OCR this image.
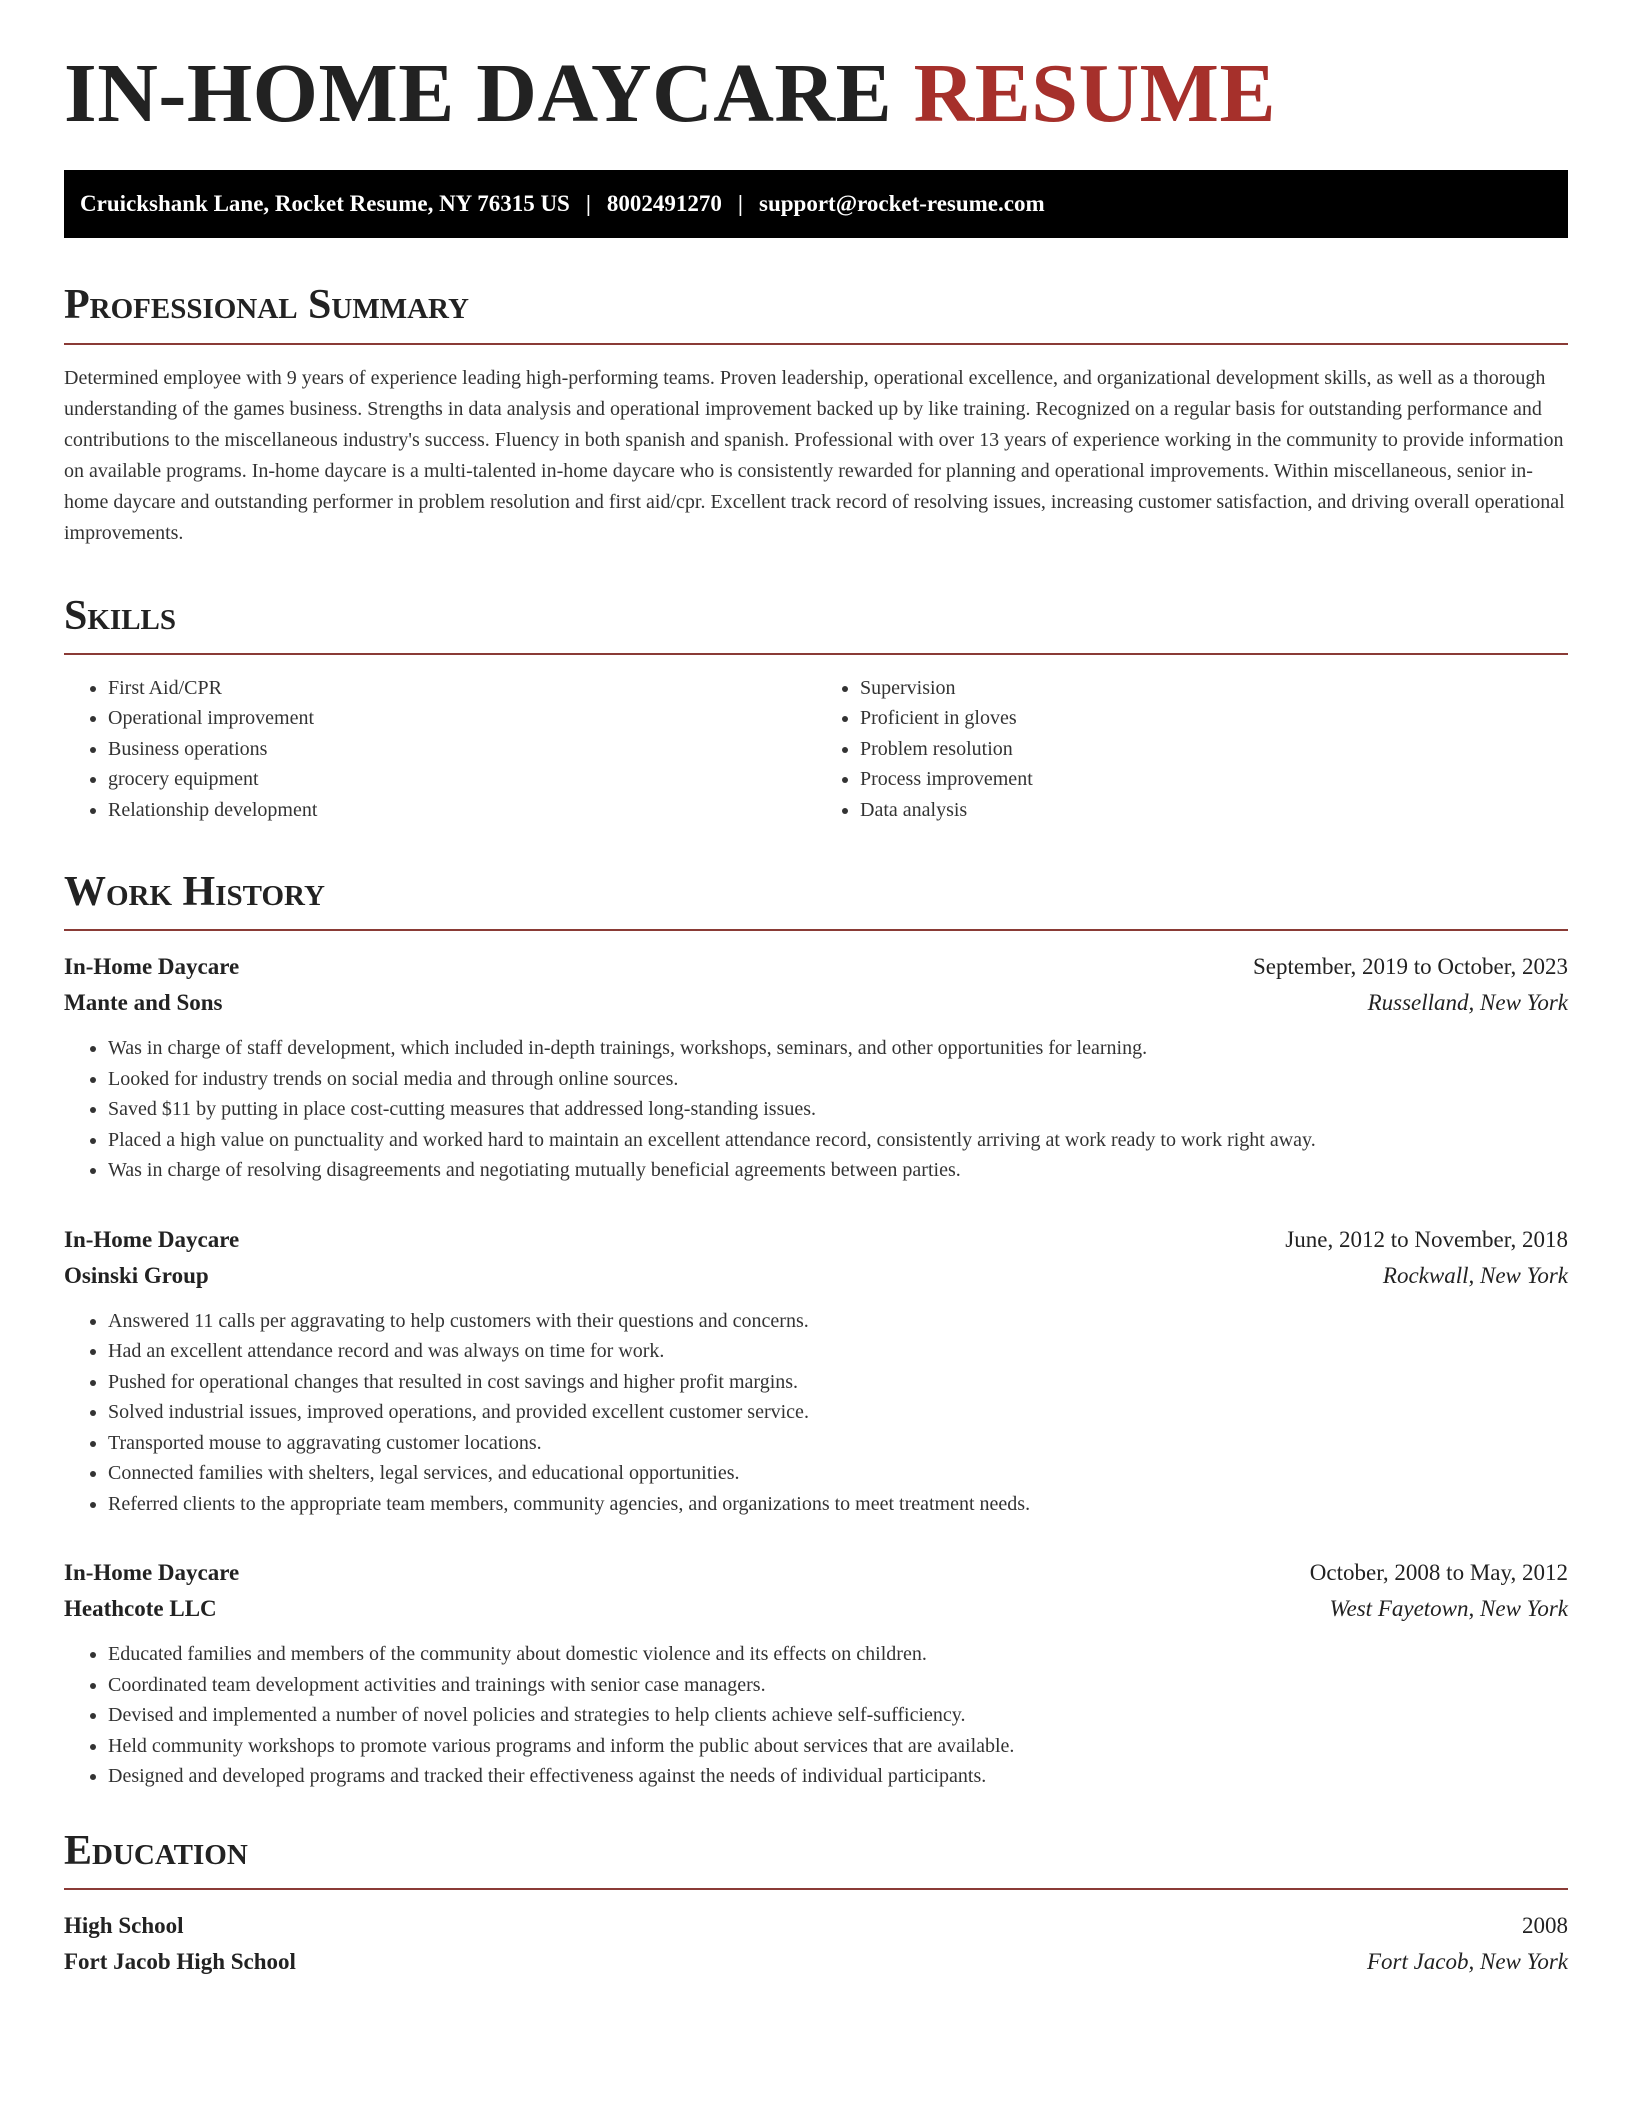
IN-HOME DAYCARE RESUME
Cruickshank Lane, Rocket Resume, NY 76315 US | 8002491270 | support@rocket-resume.com
Professional Summary

Determined employee with 9 years of experience leading high-performing teams. Proven leadership, operational excellence, and organizational development skills, as well as a thorough understanding of the games business. Strengths in data analysis and operational improvement backed up by like training. Recognized on a regular basis for outstanding performance and contributions to the miscellaneous industry's success. Fluency in both spanish and spanish. Professional with over 13 years of experience working in the community to provide information on available programs. In-home daycare is a multi-talented in-home daycare who is consistently rewarded for planning and operational improvements. Within miscellaneous, senior in-home daycare and outstanding performer in problem resolution and first aid/cpr. Excellent track record of resolving issues, increasing customer satisfaction, and driving overall operational improvements.

Skills
• First Aid/CPR
• Operational improvement
• Business operations
• grocery equipment
• Relationship development
• Supervision
• Proficient in gloves
• Problem resolution
• Process improvement
• Data analysis
Work History
In-Home Daycare	September, 2019 to October, 2023
Mante and Sons	Russelland, New York
• Was in charge of staff development, which included in-depth trainings, workshops, seminars, and other opportunities for learning.
• Looked for industry trends on social media and through online sources.
• Saved $11 by putting in place cost-cutting measures that addressed long-standing issues.
• Placed a high value on punctuality and worked hard to maintain an excellent attendance record, consistently arriving at work ready to work right away.
• Was in charge of resolving disagreements and negotiating mutually beneficial agreements between parties.
In-Home Daycare	June, 2012 to November, 2018
Osinski Group	Rockwall, New York
• Answered 11 calls per aggravating to help customers with their questions and concerns.
• Had an excellent attendance record and was always on time for work.
• Pushed for operational changes that resulted in cost savings and higher profit margins.
• Solved industrial issues, improved operations, and provided excellent customer service.
• Transported mouse to aggravating customer locations.
• Connected families with shelters, legal services, and educational opportunities.
• Referred clients to the appropriate team members, community agencies, and organizations to meet treatment needs.
In-Home Daycare	October, 2008 to May, 2012
Heathcote LLC	West Fayetown, New York
• Educated families and members of the community about domestic violence and its effects on children.
• Coordinated team development activities and trainings with senior case managers.
• Devised and implemented a number of novel policies and strategies to help clients achieve self-sufficiency.
• Held community workshops to promote various programs and inform the public about services that are available.
• Designed and developed programs and tracked their effectiveness against the needs of individual participants.
Education
High School	2008
Fort Jacob High School	Fort Jacob, New York
